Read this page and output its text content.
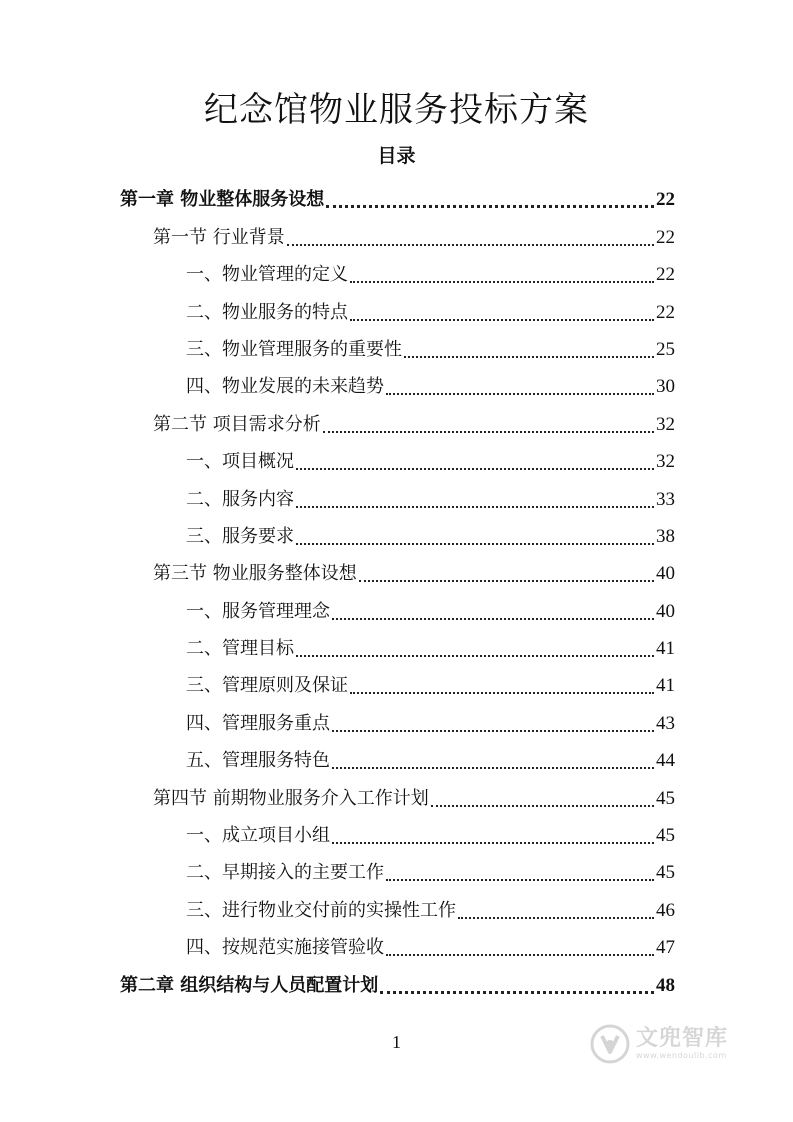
纪念馆物业服务投标方案
目录
第一章 物业整体服务设想	22
第一节 行业背景	22
一、物业管理的定义	22
二、物业服务的特点	22
三、物业管理服务的重要性	25
四、物业发展的未来趋势	30
第二节 项目需求分析	32
一、项目概况	32
二、服务内容	33
三、服务要求	38
第三节 物业服务整体设想	40
一、服务管理理念	40
二、管理目标	41
三、管理原则及保证	41
四、管理服务重点	43
五、管理服务特色	44
第四节 前期物业服务介入工作计划	45
一、成立项目小组	45
二、早期接入的主要工作	45
三、进行物业交付前的实操性工作	46
四、按规范实施接管验收	47
第二章 组织结构与人员配置计划	48
1	文兜智库
www.wendoulib.com
